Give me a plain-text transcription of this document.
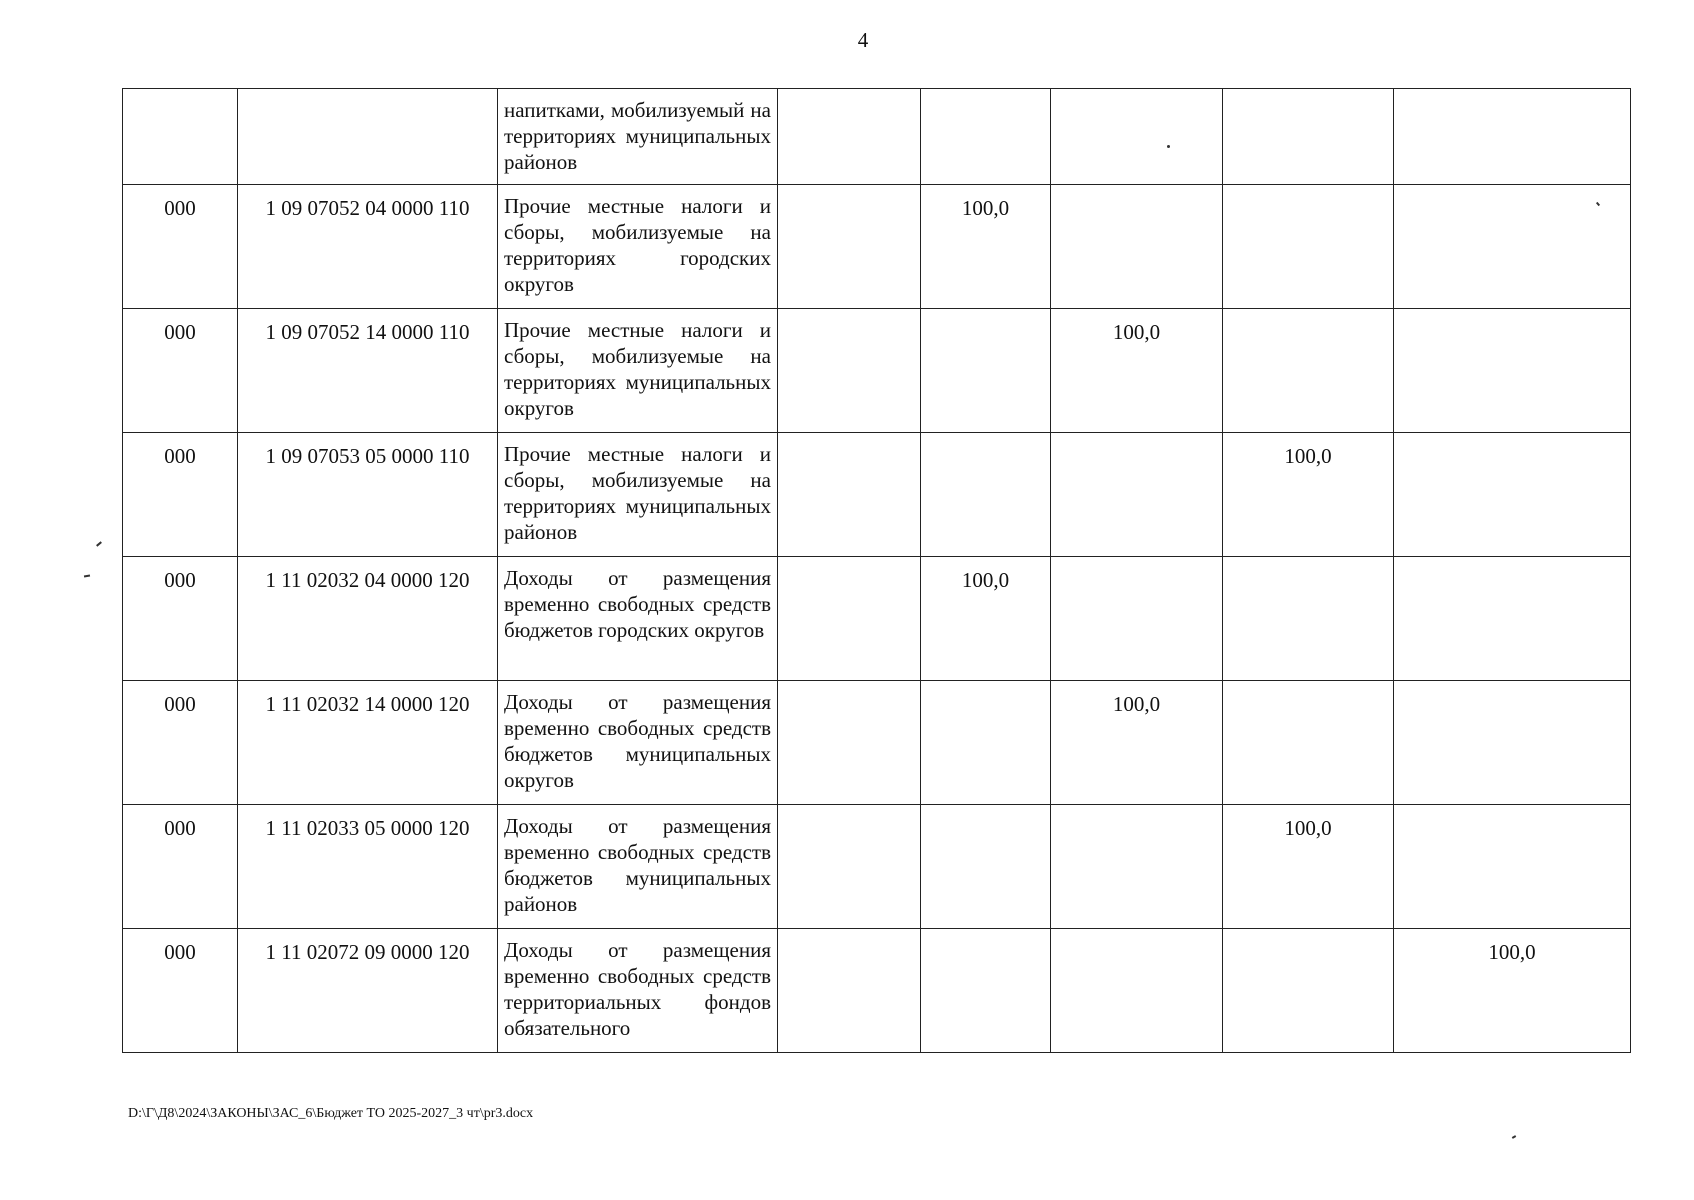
4
		напитками, мобилизуемый на территориях муниципальных районов					
000	1 09 07052 04 0000 110	Прочие местные налоги и сборы, мобилизуемые на территориях городских округов		100,0			
000	1 09 07052 14 0000 110	Прочие местные налоги и сборы, мобилизуемые на территориях муниципальных округов			100,0		
000	1 09 07053 05 0000 110	Прочие местные налоги и сборы, мобилизуемые на территориях муниципальных районов				100,0	
000	1 11 02032 04 0000 120	Доходы от размещения временно свободных средств бюджетов городских округов		100,0			
000	1 11 02032 14 0000 120	Доходы от размещения временно свободных средств бюджетов муниципальных округов			100,0		
000	1 11 02033 05 0000 120	Доходы от размещения временно свободных средств бюджетов муниципальных районов				100,0	
000	1 11 02072 09 0000 120	Доходы от размещения временно свободных средств территориальных фондов обязательного					100,0
D:\Г\Д8\2024\ЗАКОНЫ\ЗАС_6\Бюджет ТО 2025-2027_3 чт\pr3.docx
